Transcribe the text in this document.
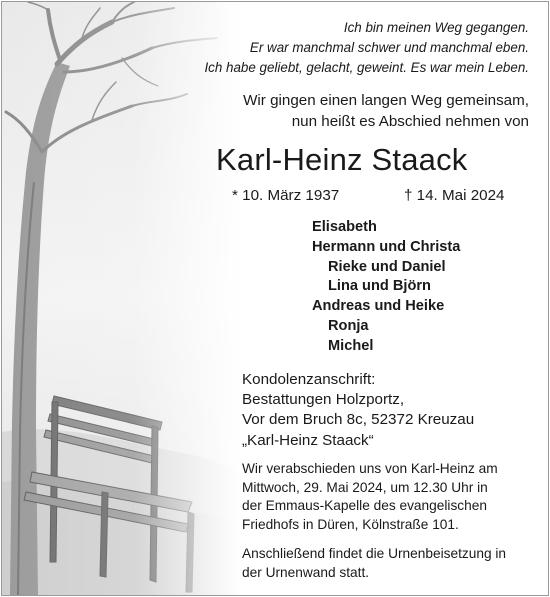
Ich bin meinen Weg gegangen.
Er war manchmal schwer und manchmal eben.
Ich habe geliebt, gelacht, geweint. Es war mein Leben.
Wir gingen einen langen Weg gemeinsam,
nun heißt es Abschied nehmen von
Karl-Heinz Staack
* 10. März 1937	† 14. Mai 2024
Elisabeth
Hermann und Christa
Rieke und Daniel
Lina und Björn
Andreas und Heike
Ronja
Michel
Kondolenzanschrift:
Bestattungen Holzportz,
Vor dem Bruch 8c, 52372 Kreuzau
„Karl-Heinz Staack“
Wir verabschieden uns von Karl-Heinz am
Mittwoch, 29. Mai 2024, um 12.30 Uhr in
der Emmaus-Kapelle des evangelischen
Friedhofs in Düren, Kölnstraße 101.
Anschließend findet die Urnenbeisetzung in
der Urnenwand statt.
